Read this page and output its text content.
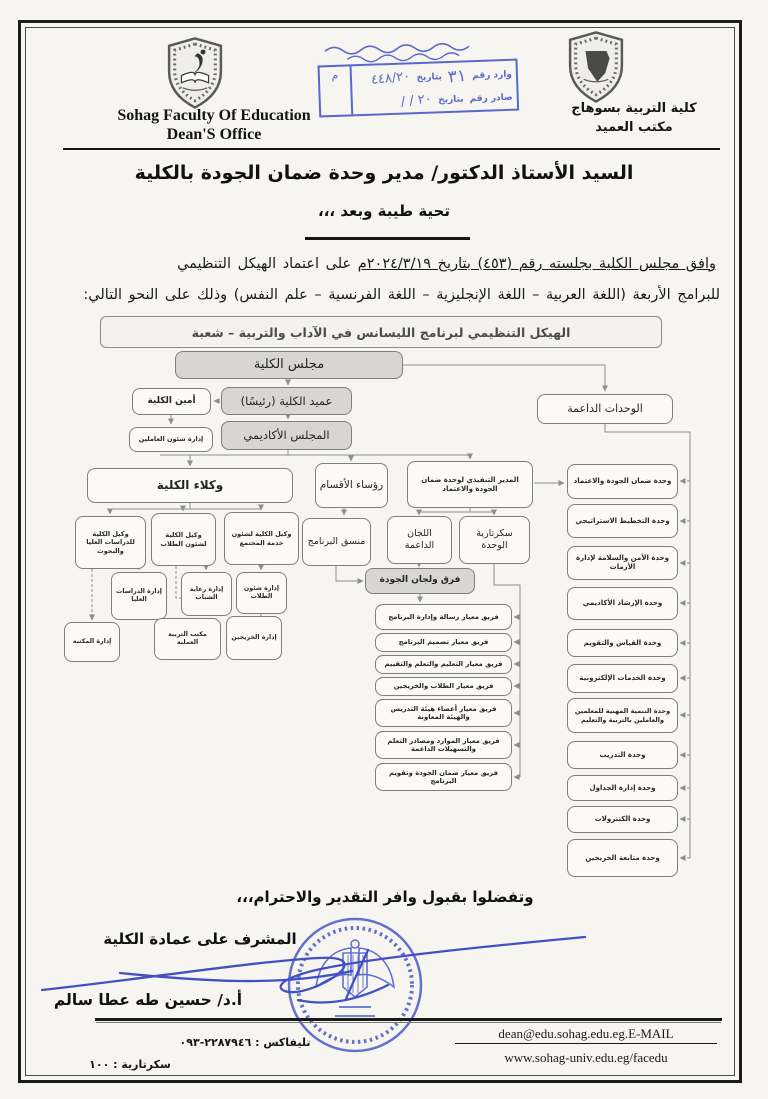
Sohag Faculty Of Education
Dean'S Office
كلية التربية بسوهاج
مكتب العميد
وارد رقم
٣١
بتاريخ
٤٤٨/٢٠
صادر رقم
بتاريخ
٢٠ / /
م
السيد الأستاذ الدكتور/ مدير وحدة ضمان الجودة بالكلية
تحية طيبة وبعد ،،،
وافق مجلس الكلية بجلسته رقم (٤٥٣) بتاريخ ٢٠٢٤/٣/١٩م على اعتماد الهيكل التنظيمي
للبرامج الأربعة (اللغة العربية – اللغة الإنجليزية – اللغة الفرنسية – علم النفس) وذلك على النحو التالي:
الهيكل التنظيمي لبرنامج الليسانس في الآداب والتربية – شعبة
مجلس الكلية
عميد الكلية (رئيسًا)
أمين الكلية
الوحدات الداعمة
إدارة شئون العاملين	المجلس الأكاديمي
وكلاء الكلية	رؤساء الأقسام	المدير التنفيذي لوحدة ضمان الجودة والاعتماد
وكيل الكلية للدراسات العليا والبحوث
وكيل الكلية لشئون الطلاب
وكيل الكلية لشئون خدمة المجتمع	منسق البرنامج
اللجان الداعمة
سكرتارية الوحدة
فرق ولجان الجودة
إدارة الدراسات العليا
إدارة رعاية الشباب
إدارة شئون الطلاب
إدارة المكتبة
مكتب التربية العملية
إدارة الخريجين
فريق معيار رسالة وإدارة البرنامج
فريق معيار تصميم البرنامج
فريق معيار التعليم والتعلم والتقييم
فريق معيار الطلاب والخريجين
فريق معيار أعضاء هيئة التدريس والهيئة المعاونة
فريق معيار الموارد ومصادر التعلم والتسهيلات الداعمة
فريق معيار ضمان الجودة وتقويم البرنامج
وحدة ضمان الجودة والاعتماد
وحدة التخطيط الاستراتيجي
وحدة الأمن والسلامة لإدارة الأزمات
وحدة الإرشاد الأكاديمي
وحدة القياس والتقويم
وحدة الخدمات الإلكترونية
وحدة التنمية المهنية للمعلمين والعاملين بالتربية والتعليم
وحدة التدريب
وحدة إدارة الجداول
وحدة الكنترولات
وحدة متابعة الخريجين
وتفضلوا بقبول وافر التقدير والاحترام،،،
المشرف على عمادة الكلية
أ.د/ حسين طه عطا سالم
dean@edu.sohag.edu.eg.E-MAIL
www.sohag-univ.edu.eg/facedu
تليفاكس : ٢٢٨٧٩٤٦-٠٩٣
سكرتارية : ١٠٠
